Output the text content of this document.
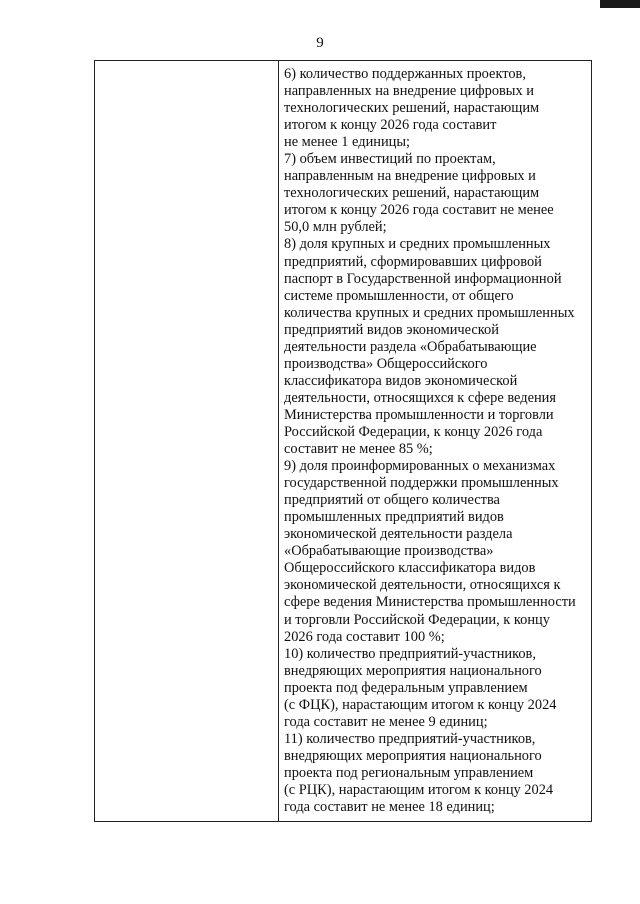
9
6) количество поддержанных проектов,
направленных на внедрение цифровых и
технологических решений, нарастающим
итогом к концу 2026 года составит
не менее 1 единицы;
7) объем инвестиций по проектам,
направленным на внедрение цифровых и
технологических решений, нарастающим
итогом к концу 2026 года составит не менее
50,0 млн рублей;
8) доля крупных и средних промышленных
предприятий, сформировавших цифровой
паспорт в Государственной информационной
системе промышленности, от общего
количества крупных и средних промышленных
предприятий видов экономической
деятельности раздела «Обрабатывающие
производства» Общероссийского
классификатора видов экономической
деятельности, относящихся к сфере ведения
Министерства промышленности и торговли
Российской Федерации, к концу 2026 года
составит не менее 85 %;
9) доля проинформированных о механизмах
государственной поддержки промышленных
предприятий от общего количества
промышленных предприятий видов
экономической деятельности раздела
«Обрабатывающие производства»
Общероссийского классификатора видов
экономической деятельности, относящихся к
сфере ведения Министерства промышленности
и торговли Российской Федерации, к концу
2026 года составит 100 %;
10) количество предприятий-участников,
внедряющих мероприятия национального
проекта под федеральным управлением
(с ФЦК), нарастающим итогом к концу 2024
года составит не менее 9 единиц;
11) количество предприятий-участников,
внедряющих мероприятия национального
проекта под региональным управлением
(с РЦК), нарастающим итогом к концу 2024
года составит не менее 18 единиц;
